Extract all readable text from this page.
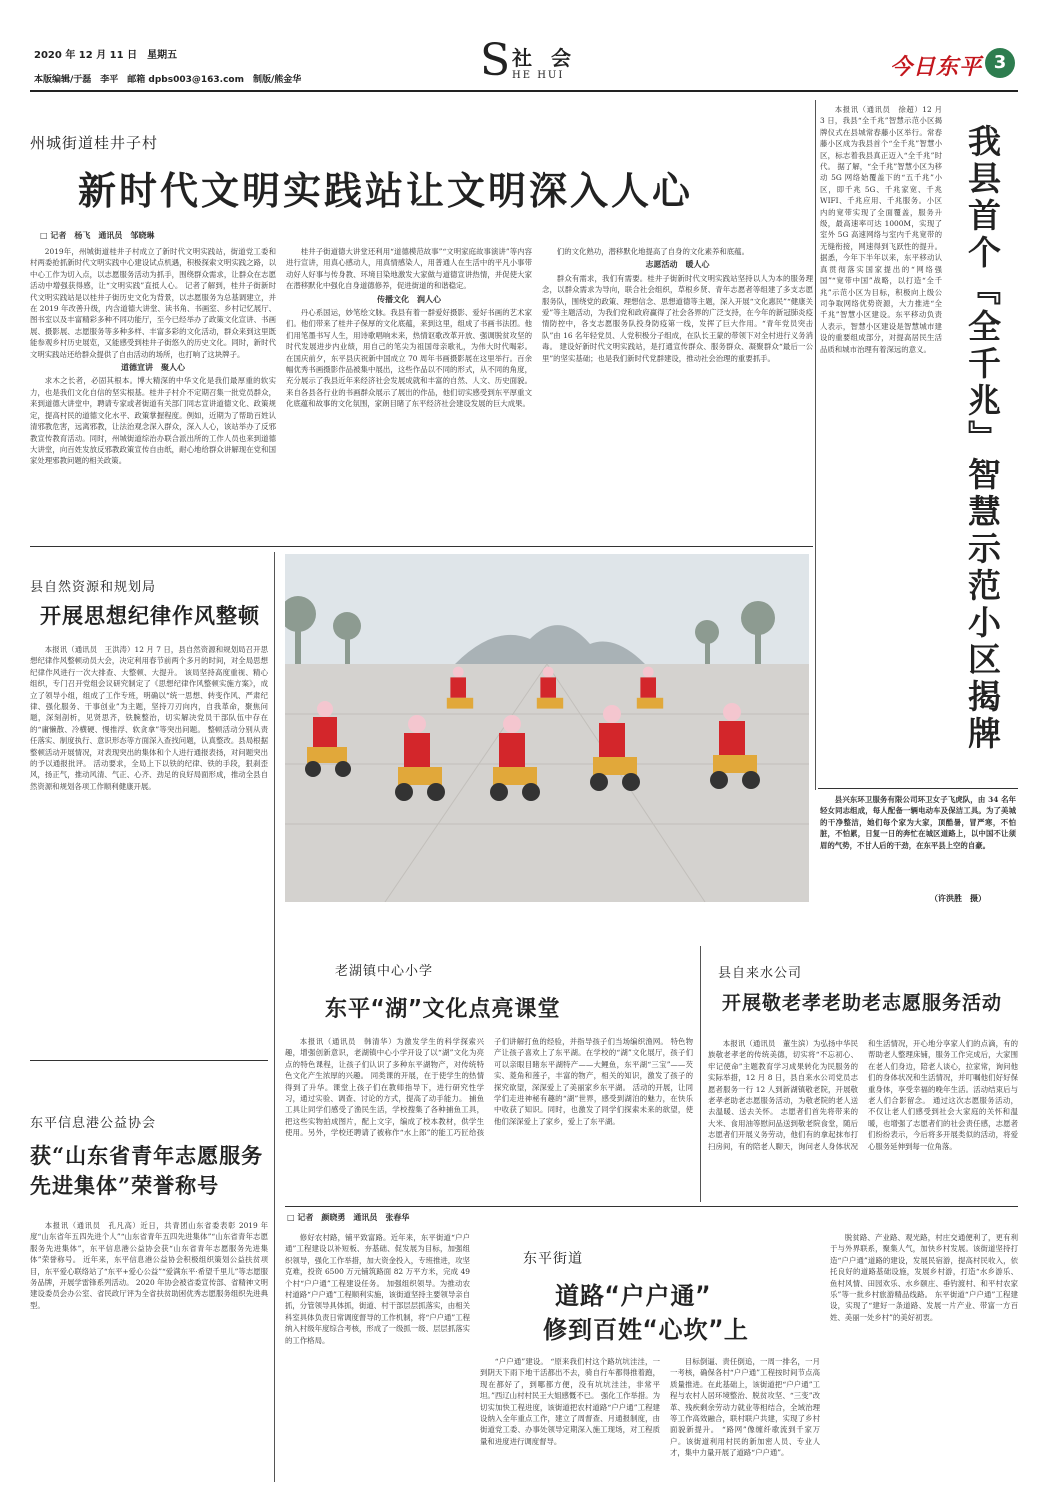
2020 年 12 月 11 日　星期五
本版编辑/于磊　李平　邮箱 dpbs003@163.com　制版/熊金华	S 社 会
HE HUI	今日东平 3
州城街道桂井子村
新时代文明实践站让文明深入人心
□ 记者　杨飞　通讯员　邹晓琳

2019年，州城街道桂井子村成立了新时代文明实践站，街道党工委和村两委抢抓新时代文明实践中心建设试点机遇，积极探索文明实践之路，以中心工作为切入点，以志愿服务活动为抓手，围绕群众需求，让群众在志愿活动中增强获得感，让“文明实践”直抵人心。 记者了解到，桂井子街新时代文明实践站是以桂井子街历史文化为背景，以志愿服务为总基调建立，并在 2019 年改善升级，内含道德大讲堂、读书角、书画室、乡村记忆展厅、图书室以及丰富精彩多种不同功能厅，至今已经举办了政策文化宣讲、书画展、摄影展、志愿服务等多种多样、丰富多彩的文化活动，群众来到这里既能参观乡村历史展览，又能感受到桂井子街悠久的历史文化。同时，新时代文明实践站还给群众提供了自由活动的场所，也打响了这块牌子。

道德宣讲　聚人心

求木之长者，必固其根本。博大精深的中华文化是我们最厚重的软实力，也是我们文化自信的坚实根基。桂井子村介不定期召集一批党员群众，来到道德大讲堂中，聘请专家或者街道有关部门同志宣讲道德文化、政策规定，提高村民的道德文化水平、政策掌握程度。例如，近期为了帮助百姓认清邪教危害，远离邪教，让法治观念深入群众，深入人心，该站举办了反邪教宣传教育活动。同时，州城街道综治办联合派出所的工作人员也来到道德大讲堂，向百姓发放反邪教政策宣传自由纸，耐心地给群众讲解现在党和国家处理邪教问题的相关政策。

桂井子街道德大讲堂还利用“道德模范故事”“文明家庭故事演讲”等内容进行宣讲，用真心感动人，用真情感染人，用普通人在生活中的平凡小事带动好人好事与传身教、环境目染地激发大家做与道德宣讲热情，并促使大家在潜移默化中强化自身道德修养，促进街道的和谐稳定。

传播文化　润人心

丹心系国运，妙笔绘文脉。我县有着一群爱好摄影、爱好书画的艺术家们。他们带来了桂井子保厚的文化底蕴，来到这里，组成了书画书法团。他们用笔墨书写人生，用诗歌唱响未来，热情讴歌改革开放、强调脱贫攻坚的时代发展进步内业绩，用自己的笔尖为祖国母亲歌礼，为伟大时代喝彩。 在国庆前夕，东平县庆祝新中国成立 70 周年书画摄影展在这里举行。百余幅优秀书画摄影作品被集中展出，这些作品以不同的形式，从不同的角度，充分展示了我县近年来经济社会发展成就和丰富的自然、人文、历史面貌。来自各县各行业的书画群众展示了展出的作品，他们切实感受到东平厚重文化底蕴和故事的文化氛围，家朗目睹了东平经济社会建设发展的巨大成果。

们的文化熟功，潜移默化地提高了自身的文化素养和底蕴。

志愿活动　暖人心

群众有需求，我们有需要。桂井子街新时代文明实践站坚持以人为本的服务理念，以群众需求为导向，联合社会组织，草根乡贤、青年志愿者等组建了多支志愿服务队，围绕党的政策、理想信念、思想道德等主题，深入开展“文化惠民”“健康关爱”等主题活动，为我们党和政府赢得了社会各界的广泛支持，在今年的新冠肺炎疫情防控中，各支志愿服务队投身防疫第一线，发挥了巨大作用。“青年党员突击队”由 16 名年轻党员、人党积极分子组成，在队长王蒙的带领下对全村进行义务消毒。 建设好新时代文明实践站，是打通宣传群众、服务群众、凝聚群众“最后一公里”的坚实基础；也是我们新时代党群建设，推动社会治理的重要抓手。

本报讯（通讯员　徐超）12 月 3 日，我县“全千兆”智慧示范小区揭牌仪式在县城常春藤小区举行。常春藤小区成为我县首个“全千兆”智慧小区，标志着我县真正迈入“全千兆”时代。 据了解，“全千兆”智慧小区为移动 5G 网络始覆盖下的“五千兆”小区，即千兆 5G、千兆家宽、千兆 WIFI、千兆应用、千兆服务。小区内的宽带实现了全面覆盖，服务升级，最高速率可达 1000M，实现了室外 5G 高速网络与室内千兆宽带的无缝衔接，网速得到飞跃性的提升。 据悉，今年下半年以来，东平移动认真贯彻落实国家提出的“网络强国”“宽带中国”战略，以打造“全千兆”示范小区为目标，积极向上级公司争取网络优势资源，大力推进“全千兆”智慧小区建设。东平移动负责人表示，智慧小区建设是智慧城市建设的重要组成部分，对提高居民生活品质和城市治理有着深远的意义。 我县首个『全千兆』智慧示范小区揭牌

县兴东环卫服务有限公司环卫女子飞虎队，由 34 名年轻女同志组成，每人配备一辆电动车及保洁工具。为了美城的干净整洁，她们每个家为大家，顶酷暑，冒严寒，不怕脏，不怕累，日复一日的奔忙在城区道路上，以中国不让须眉的气势，不甘人后的干劲，在东平县上空的自豪。

（许洪胜　摄）
县自然资源和规划局
开展思想纪律作风整顿

本报讯（通讯员　王洪涛）12 月 7 日，县自然资源和规划局召开思想纪律作风整顿动员大会，决定利用春节前两个多月的时间，对全局思想纪律作风进行一次大排查、大整顿、大提升。 该局坚持高度重视、精心组织，专门召开党组会议研究制定了《思想纪律作风整顿实施方案》，成立了领导小组，组成了工作专班，明确以“统一思想、转变作风、严肃纪律、强化服务、干事创业”为主题，坚持刀刃向内，自我革命，聚焦问题，深刻剖析，见贤思齐，铁腕整治，切实解决党员干部队伍中存在的“庸懒散、冷横硬、慢推浮、软贪拿”等突出问题。 整顿活动分别从责任落实、制度执行、意识形态等方面深入查找问题，认真整改。县局根据整顿活动开展情况，对表现突出的集体和个人进行通报表扬，对问题突出的予以通报批评。 活动要求，全局上下以铁的纪律、铁的手段，狠刹歪风，扬正气，推动风清、气正、心齐、劲足的良好局面形成，推动全县自然资源和规划各项工作顺利健康开展。

东平信息港公益协会
获“山东省青年志愿服务
先进集体”荣誉称号

本报讯（通讯员　孔凡高）近日，共青团山东省委表彰 2019 年度“山东省年五四先进个人”“山东省青年五四先进集体”“山东省青年志愿服务先进集体”，东平信息港公益协会获“山东省青年志愿服务先进集体”荣誉称号。 近年来，东平信息港公益协会积极组织策划公益扶贫项目，东平爱心联络站了“东平+爱心公益”“爱满东平·希望千里儿”等志愿服务品牌，开展学雷锋系列活动。 2020 年协会被省委宣传部、省精神文明建设委员会办公室、省民政厅评为全省扶贫助困优秀志愿服务组织先进典型。

老湖镇中心小学
东平“湖”文化点亮课堂

本报讯（通讯员　韩清华）为激发学生的科学探索兴趣，增强创新意识，老湖镇中心小学开设了以“湖”文化为亮点的特色课程，让孩子们认识了多种东平湖物产，对传统特色文化产生浓厚的兴趣。 同类课的开展，在于使学生的热情得到了升华。课堂上孩子们在教师指导下，进行研究性学习，通过实验、调查、讨论的方式，提高了动手能力。 捕鱼工具让同学们感受了渔民生活，学校搜集了各种捕鱼工具，把这些实物拍成图片，配上文字，编成了校本教材，供学生使用。另外，学校还聘请了被称作“水上郎”的能工巧匠给孩子们讲解打鱼的经验，并指导孩子们当场编织渔网。 特色物产让孩子喜欢上了东平湖。在学校的“湖”文化展厅，孩子们可以亲眼目睹东平湖特产——大鲤鱼，东平湖“三宝”——芡实、菱角和莲子，丰富的物产，相关的知识，激发了孩子的探究欲望，深深爱上了美丽家乡东平湖。 活动的开展，让同学们走进神秘有趣的“湖”世界，感受到湖泊的魅力，在快乐中收获了知识。同时，也激发了同学们探索未来的欲望，使他们深深爱上了家乡，爱上了东平湖。

县自来水公司
开展敬老孝老助老志愿服务活动

本报讯（通讯员　董生滨）为弘扬中华民族敬老孝老的传统美德，切实将“不忘初心、牢记使命”主题教育学习成果转化为民服务的实际举措，12 月 8 日，县自来水公司党员志愿者服务一行 12 人到新湖镇敬老院，开展敬老孝老助老志愿服务活动，为敬老院的老人送去温暖、送去关怀。 志愿者们首先将带来的大米、食用油等慰问品送到敬老院食堂，随后志愿者们开展义务劳动，他们有的拿起抹布打扫房间，有的陪老人聊天，询问老人身体状况和生活情况，开心地分享家人们的点滴，有的帮助老人整理床铺，服务工作完成后，大家围在老人们身边，陪老人谈心，拉家常，询问他们的身体状况和生活情况，并叮嘱他们好好保重身体，享受幸福的晚年生活。活动结束后与老人们合影留念。 通过这次志愿服务活动，不仅让老人们感受到社会大家庭的关怀和温暖，也增强了志愿者们的社会责任感，志愿者们纷纷表示，今后将多开展类似的活动，将爱心服务延伸到每一位角落。

□ 记者　颜晓勇　通讯员　张春华

修好农村路，铺平致富路。近年来，东平街道“户户通”工程建设以补短板、夯基础、促发展为目标，加强组织领导，强化工作举措，加大资金投入，专班推进，攻坚克难，投资 6500 万元铺筑路面 82 万平方米，完成 49 个村“户户通”工程建设任务。 加强组织领导。为推动农村道路“户户通”工程顺利实施，该街道坚持主要领导亲自抓，分管领导具体抓，街道、村干部层层抓落实，由相关科室具体负责日常调度督导的工作机制，将“户户通”工程纳入村级年度综合考核，形成了一级抓一级、层层抓落实的工作格局。

东平街道
道路“户户通”
修到百姓“心坎”上

“户户通”建设。 “原来我们村这个路坑坑洼洼，一到阴天下雨下地干活都出不去，骑自行车都得推着跑，现在都好了，到哪都方便，没有坑坑洼洼，非常平坦。”西辽山村村民王大姐感慨不已。 强化工作举措。为切实加快工程进度，该街道把农村道路“户户通”工程建设纳入全年重点工作，建立了周督查、月通报制度，由街道党工委、办事处领导定期深入施工现场，对工程质量和进度进行调度督导。

目标倒逼、责任倒追，一周一排名，一月一考核，确保各村“户户通”工程按时间节点高质量推进。在此基础上，该街道把“户户通”工程与农村人居环境整治、脱贫攻坚、“三变”改革、残疾剩余劳动力就业等相结合，全域治理等工作高效融合，联村联户共建，实现了乡村面貌新提升。 “路网”像缠纤歌流到千家万户。该街道利用村民的新加密人员、专业人才，集中力量开展了道路“户户通”。

脱贫路、产业路、观光路，村庄交通便利了，更有利于与外界联系，聚集人气，加快乡村发展。该街道坚持打造“户户通”道路的建设，发展民宿游，提高村民收入，依托良好的道路基础设施，发展乡村游，打造“水乡游乐、鱼村风情、田园欢乐、水乡颐庄、垂钓渡村、和平村农家乐”等一批乡村旅游精品线路。 东平街道“户户通”工程建设，实现了“建好一条道路、发展一片产业、带富一方百姓、美丽一处乡村”的美好初衷。
